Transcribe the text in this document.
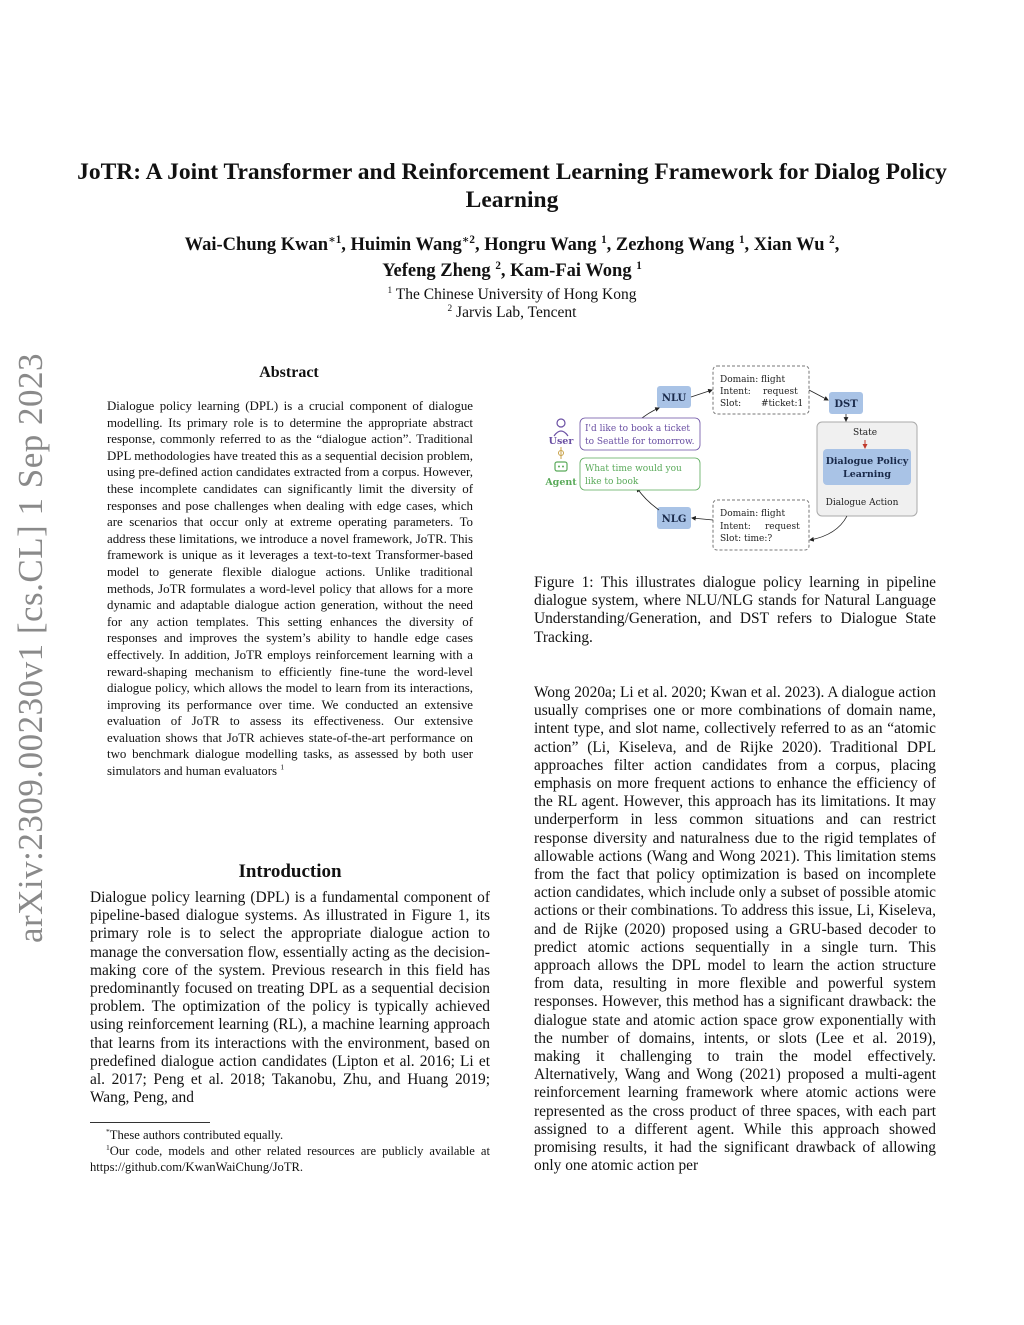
arXiv:2309.00230v1 [cs.CL] 1 Sep 2023
JoTR: A Joint Transformer and Reinforcement Learning Framework for Dialog Policy Learning
Wai-Chung Kwan$^{∗1}$, Huimin Wang$^{∗2}$, Hongru Wang $^1$, Zezhong Wang $^1$, Xian Wu $^2$,
Yefeng Zheng $^2$, Kam-Fai Wong $^1$
$^1$ The Chinese University of Hong Kong
$^2$ Jarvis Lab, Tencent
Abstract
Dialogue policy learning (DPL) is a crucial component of dialogue modelling. Its primary role is to determine the appropriate abstract response, commonly referred to as the “dialogue action”. Traditional DPL methodologies have treated this as a sequential decision problem, using pre-defined action candidates extracted from a corpus. However, these incomplete candidates can significantly limit the diversity of responses and pose challenges when dealing with edge cases, which are scenarios that occur only at extreme operating parameters. To address these limitations, we introduce a novel framework, JoTR. This framework is unique as it leverages a text-to-text Transformer-based model to generate flexible dialogue actions. Unlike traditional methods, JoTR formulates a word-level policy that allows for a more dynamic and adaptable dialogue action generation, without the need for any action templates. This setting enhances the diversity of responses and improves the system’s ability to handle edge cases effectively. In addition, JoTR employs reinforcement learning with a reward-shaping mechanism to efficiently fine-tune the word-level dialogue policy, which allows the model to learn from its interactions, improving its performance over time. We conducted an extensive evaluation of JoTR to assess its effectiveness. Our extensive evaluation shows that JoTR achieves state-of-the-art performance on two benchmark dialogue modelling tasks, as assessed by both user simulators and human evaluators $^1$
Introduction
Dialogue policy learning (DPL) is a fundamental component of pipeline-based dialogue systems. As illustrated in Figure 1, its primary role is to select the appropriate dialogue action to manage the conversation flow, essentially acting as the decision-making core of the system. Previous research in this field has predominantly focused on treating DPL as a sequential decision problem. The optimization of the policy is typically achieved using reinforcement learning (RL), a machine learning approach that learns from its interactions with the environment, based on predefined dialogue action candidates (Lipton et al. 2016; Li et al. 2017; Peng et al. 2018; Takanobu, Zhu, and Huang 2019; Wang, Peng, and

*These authors contributed equally.

$^1$Our code, models and other related resources are publicly available at https://github.com/KwanWaiChung/JoTR.

NLU
NLG
Domain: flight
Intent: request
Slot: #ticket:1
Domain: flight
Intent: request
Slot: time:?
DST
State
Dialogue Policy
Learning
Dialogue Action
User
I'd like to book a ticket
to Seattle for tomorrow.
Agent
What time would you
like to book
Figure 1: This illustrates dialogue policy learning in pipeline dialogue system, where NLU/NLG stands for Natural Language Understanding/Generation, and DST refers to Dialogue State Tracking.
Wong 2020a; Li et al. 2020; Kwan et al. 2023). A dialogue action usually comprises one or more combinations of domain name, intent type, and slot name, collectively referred to as an “atomic action” (Li, Kiseleva, and de Rijke 2020). Traditional DPL approaches filter action candidates from a corpus, placing emphasis on more frequent actions to enhance the efficiency of the RL agent. However, this approach has its limitations. It may underperform in less common situations and can restrict response diversity and naturalness due to the rigid templates of allowable actions (Wang and Wong 2021). This limitation stems from the fact that policy optimization is based on incomplete action candidates, which include only a subset of possible atomic actions or their combinations. To address this issue, Li, Kiseleva, and de Rijke (2020) proposed using a GRU-based decoder to predict atomic actions sequentially in a single turn. This approach allows the DPL model to learn the action structure from data, resulting in more flexible and powerful system responses. However, this method has a significant drawback: the dialogue state and atomic action space grow exponentially with the number of domains, intents, or slots (Lee et al. 2019), making it challenging to train the model effectively. Alternatively, Wang and Wong (2021) proposed a multi-agent reinforcement learning framework where atomic actions were represented as the cross product of three spaces, with each part assigned to a different agent. While this approach showed promising results, it had the significant drawback of allowing only one atomic action per
